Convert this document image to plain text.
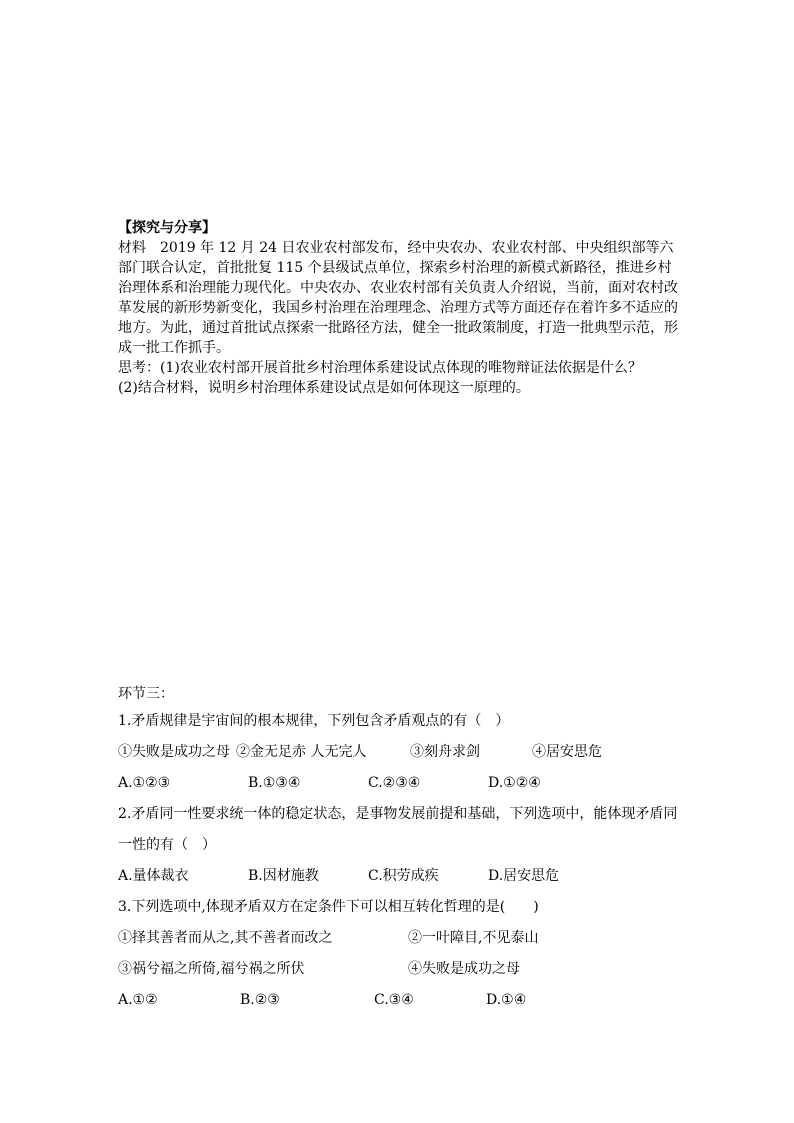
【探究与分享】

材料 2019 年 12 月 24 日农业农村部发布，经中央农办、农业农村部、中央组织部等六部门联合认定，首批批复 115 个县级试点单位，探索乡村治理的新模式新路径，推进乡村治理体系和治理能力现代化。中央农办、农业农村部有关负责人介绍说，当前，面对农村改革发展的新形势新变化，我国乡村治理在治理理念、治理方式等方面还存在着许多不适应的地方。为此，通过首批试点探索一批路径方法，健全一批政策制度，打造一批典型示范，形成一批工作抓手。

思考：(1)农业农村部开展首批乡村治理体系建设试点体现的唯物辩证法依据是什么？

(2)结合材料，说明乡村治理体系建设试点是如何体现这一原理的。

环节三：
1.矛盾规律是宇宙间的根本规律，下列包含矛盾观点的有（　）
①失败是成功之母 ②金无足赤 人无完人	③刻舟求剑	④居安思危
A.①②③	B.①③④	C.②③④	D.①②④
2.矛盾同一性要求统一体的稳定状态，是事物发展前提和基础，下列选项中，能体现矛盾同一性的有（　）
A.量体裁衣	B.因材施教	C.积劳成疾	D.居安思危
3.下列选项中,体现矛盾双方在定条件下可以相互转化哲理的是(　　)
①择其善者而从之,其不善者而改之	②一叶障目,不见泰山
③祸兮福之所倚,福兮祸之所伏	④失败是成功之母
A.①②	B.②③	C.③④	D.①④
